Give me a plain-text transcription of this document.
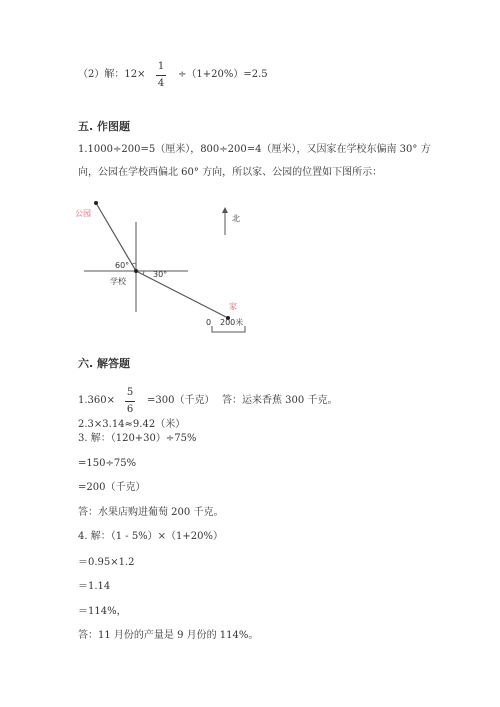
（2）解：12×
1
4
÷（1+20%）=2.5
五. 作图题
1.1000÷200=5（厘米），800÷200=4（厘米），又因家在学校东偏南 30° 方
向，公园在学校西偏北 60° 方向，所以家、公园的位置如下图所示：
公园
学校
家
北
60°
30°
0 200米
六. 解答题
1.360×
5
6
=300（千克） 答：运来香蕉 300 千克。
2.3×3.14≈9.42（米）
3. 解：（120+30）÷75%
=150÷75%
=200（千克）
答：水果店购进葡萄 200 千克。
4. 解：（1 - 5%）×（1+20%）
＝0.95×1.2
＝1.14
＝114%，
答：11 月份的产量是 9 月份的 114%。
